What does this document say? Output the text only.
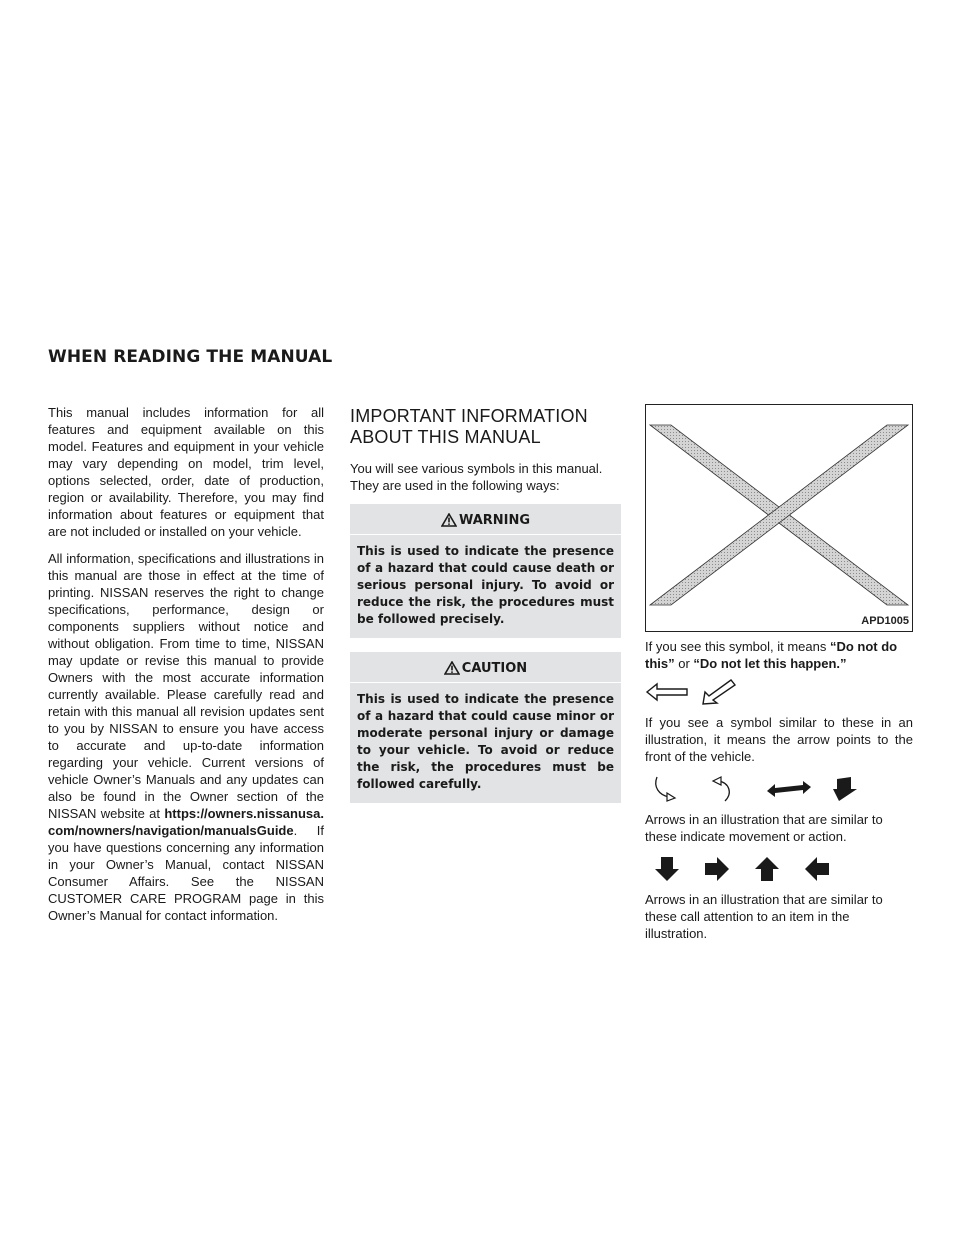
WHEN READING THE MANUAL

This manual includes information for all features and equipment available on this model. Features and equipment in your vehicle may vary depending on model, trim level, options selected, order, date of production, region or availability. Therefore, you may find information about features or equipment that are not included or installed on your vehicle.

All information, specifications and illustrations in this manual are those in effect at the time of printing. NISSAN reserves the right to change specifications, performance, design or components suppliers without notice and without obligation. From time to time, NISSAN may update or revise this manual to provide Owners with the most accurate information currently available. Please carefully read and retain with this manual all revision updates sent to you by NISSAN to ensure you have access to accurate and up-to-date information regarding your vehicle. Current versions of vehicle Owner’s Manuals and any updates can also be found in the Owner section of the NISSAN website at https://owners.nissanusa.com/nowners/navigation/manualsGuide. If you have questions concerning any information in your Owner’s Manual, contact NISSAN Consumer Affairs. See the NISSAN CUSTOMER CARE PROGRAM page in this Owner’s Manual for contact information.

IMPORTANT INFORMATION ABOUT THIS MANUAL

You will see various symbols in this manual. They are used in the following ways:

WARNING
This is used to indicate the presence of a hazard that could cause death or serious personal injury. To avoid or reduce the risk, the procedures must be followed precisely.
CAUTION
This is used to indicate the presence of a hazard that could cause minor or moderate personal injury or damage to your vehicle. To avoid or reduce the risk, the procedures must be followed carefully.
APD1005

If you see this symbol, it means “Do not do this” or “Do not let this happen.”

If you see a symbol similar to these in an illustration, it means the arrow points to the front of the vehicle.

Arrows in an illustration that are similar to these indicate movement or action.

Arrows in an illustration that are similar to these call attention to an item in the illustration.
